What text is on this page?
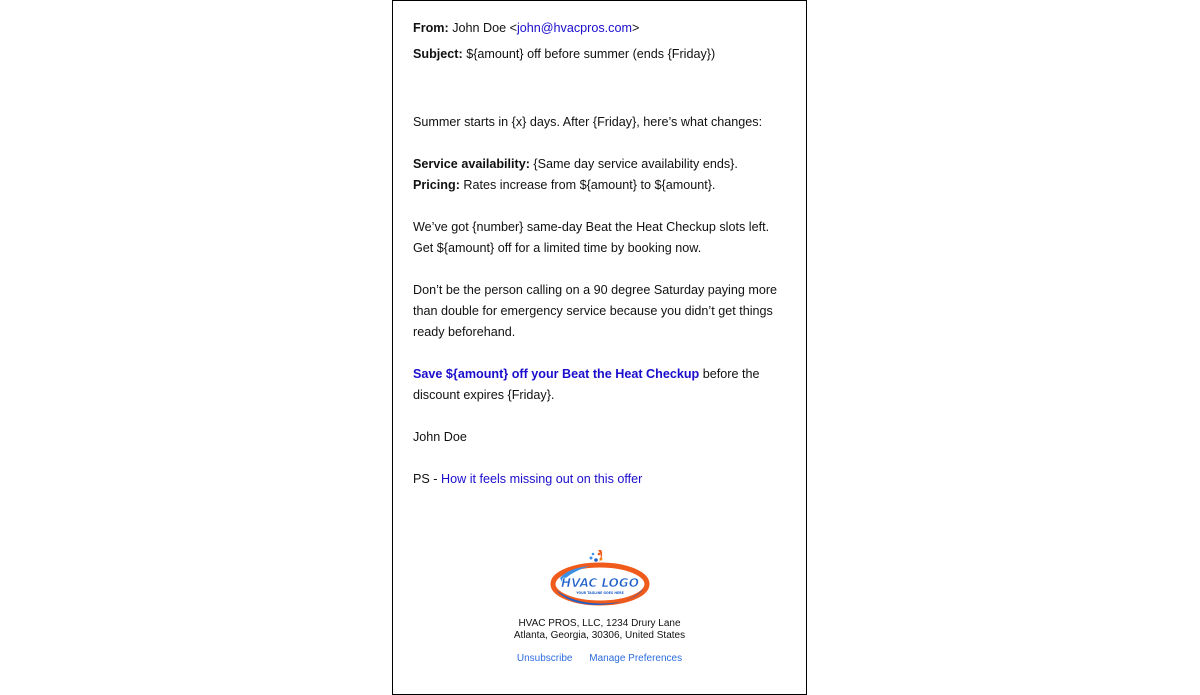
From: John Doe <john@hvacpros.com>
Subject: ${amount} off before summer (ends {Friday})
Summer starts in {x} days. After {Friday}, here’s what changes:
Service availability: {Same day service availability ends}.
Pricing: Rates increase from ${amount} to ${amount}.
We’ve got {number} same-day Beat the Heat Checkup slots left.
Get ${amount} off for a limited time by booking now.
Don’t be the person calling on a 90 degree Saturday paying more
than double for emergency service because you didn’t get things
ready beforehand.
Save ${amount} off your Beat the Heat Checkup before the
discount expires {Friday}.
John Doe
PS - How it feels missing out on this offer
HVAC LOGO
YOUR TAGLINE GOES HERE
HVAC PROS, LLC, 1234 Drury Lane
Atlanta, Georgia, 30306, United States
Unsubscribe Manage Preferences
